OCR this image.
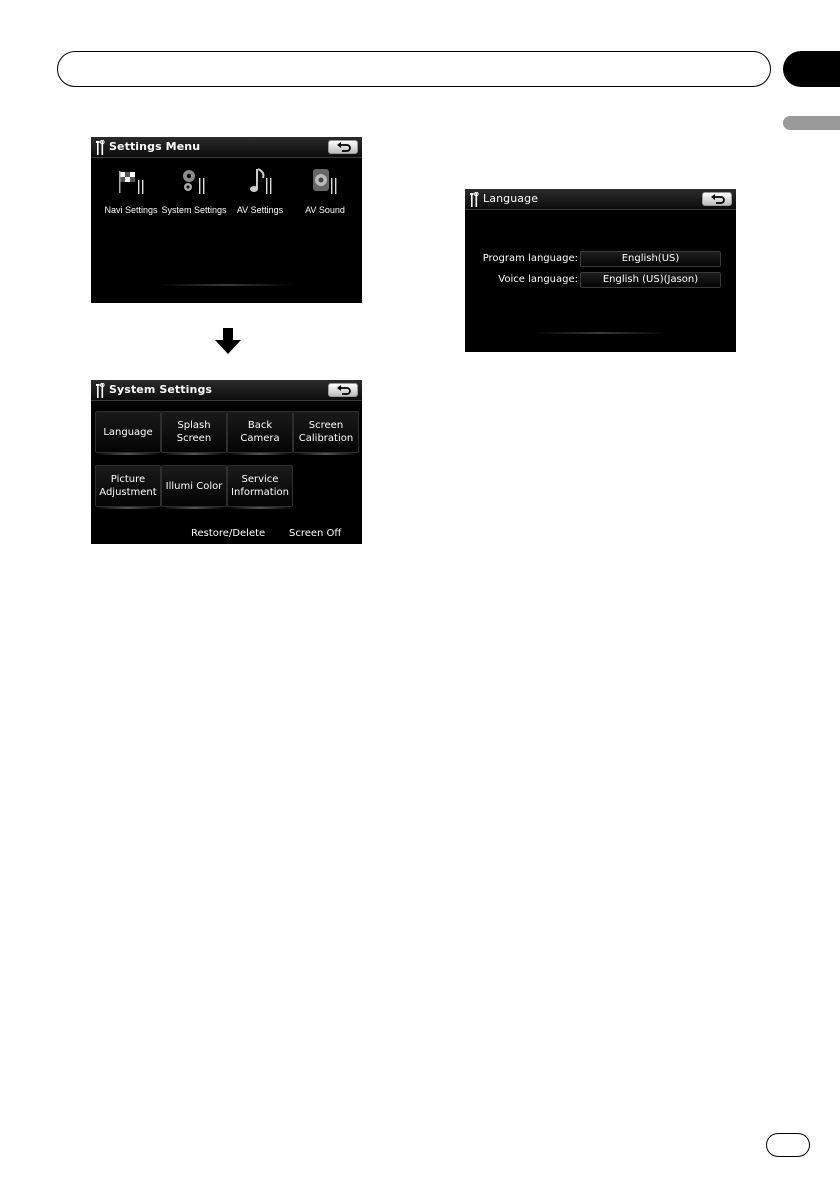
Settings Menu
Navi Settings System Settings	AV Settings	AV Sound
System Settings
Language
Splash
Screen
Back
Camera
Screen
Calibration
Picture
Adjustment
Illumi Color
Service
Information
Restore/Delete Screen Off
Language
Program language:	English(US)
Voice language:	English (US)(Jason)
